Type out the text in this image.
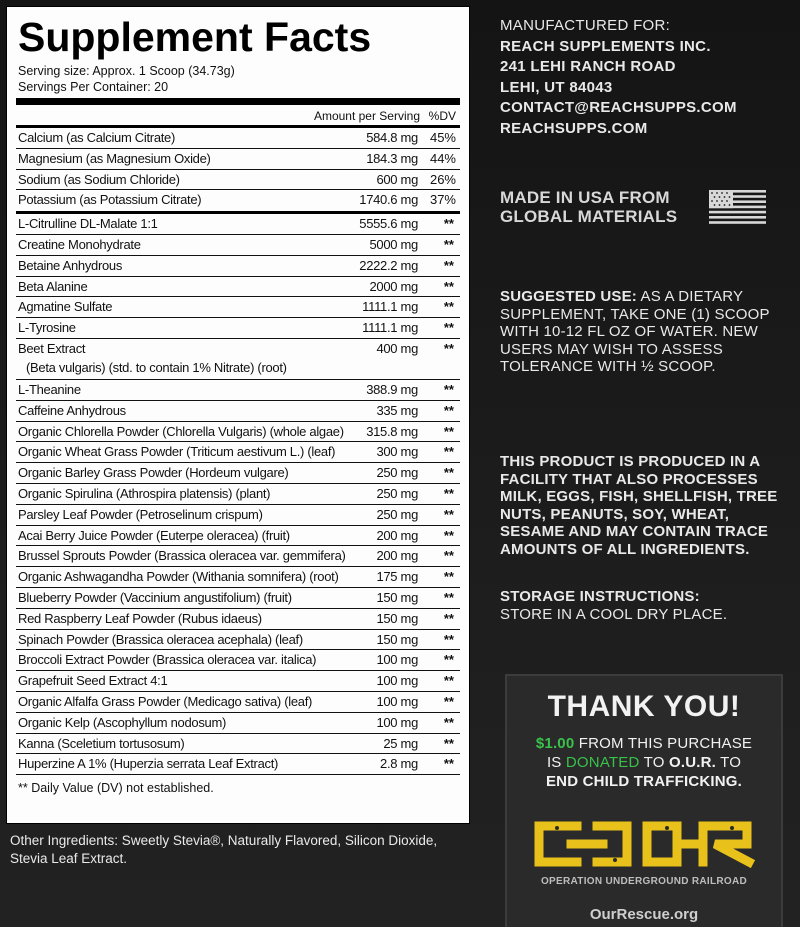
Supplement Facts
Serving size: Approx. 1 Scoop (34.73g)
Servings Per Container: 20
Amount per Serving %DV
Calcium (as Calcium Citrate)	584.8 mg 45%
Magnesium (as Magnesium Oxide)	184.3 mg 44%
Sodium (as Sodium Chloride)	600 mg 26%
Potassium (as Potassium Citrate)	1740.6 mg 37%
L-Citrulline DL-Malate 1:1	5555.6 mg **
Creatine Monohydrate	5000 mg **
Betaine Anhydrous	2222.2 mg **
Beta Alanine	2000 mg **
Agmatine Sulfate	1111.1 mg **
L-Tyrosine	1111.1 mg **
Beet Extract
(Beta vulgaris) (std. to contain 1% Nitrate) (root)
400 mg **
L-Theanine	388.9 mg **
Caffeine Anhydrous	335 mg **
Organic Chlorella Powder (Chlorella Vulgaris) (whole algae) 315.8 mg **
Organic Wheat Grass Powder (Triticum aestivum L.) (leaf)	300 mg **
Organic Barley Grass Powder (Hordeum vulgare)	250 mg **
Organic Spirulina (Athrospira platensis) (plant)	250 mg **
Parsley Leaf Powder (Petroselinum crispum)	250 mg **
Acai Berry Juice Powder (Euterpe oleracea) (fruit)	200 mg **
Brussel Sprouts Powder (Brassica oleracea var. gemmifera) 200 mg **
Organic Ashwagandha Powder (Withania somnifera) (root)	175 mg **
Blueberry Powder (Vaccinium angustifolium) (fruit)	150 mg **
Red Raspberry Leaf Powder (Rubus idaeus)	150 mg **
Spinach Powder (Brassica oleracea acephala) (leaf)	150 mg **
Broccoli Extract Powder (Brassica oleracea var. italica)	100 mg **
Grapefruit Seed Extract 4:1	100 mg **
Organic Alfalfa Grass Powder (Medicago sativa) (leaf)	100 mg **
Organic Kelp (Ascophyllum nodosum)	100 mg **
Kanna (Sceletium tortusosum)	25 mg **
Huperzine A 1% (Huperzia serrata Leaf Extract)	2.8 mg **
** Daily Value (DV) not established.
Other Ingredients: Sweetly Stevia®, Naturally Flavored, Silicon Dioxide, Stevia Leaf Extract.
MANUFACTURED FOR:
REACH SUPPLEMENTS INC.
241 LEHI RANCH ROAD
LEHI, UT 84043
CONTACT@REACHSUPPS.COM
REACHSUPPS.COM
MADE IN USA FROM
GLOBAL MATERIALS
SUGGESTED USE: AS A DIETARY SUPPLEMENT, TAKE ONE (1) SCOOP WITH 10-12 FL OZ OF WATER. NEW USERS MAY WISH TO ASSESS TOLERANCE WITH ½ SCOOP.
THIS PRODUCT IS PRODUCED IN A FACILITY THAT ALSO PROCESSES MILK, EGGS, FISH, SHELLFISH, TREE NUTS, PEANUTS, SOY, WHEAT, SESAME AND MAY CONTAIN TRACE AMOUNTS OF ALL INGREDIENTS.
STORAGE INSTRUCTIONS:
STORE IN A COOL DRY PLACE.
THANK YOU!
$1.00 FROM THIS PURCHASE
IS DONATED TO O.U.R. TO
END CHILD TRAFFICKING.
OPERATION UNDERGROUND RAILROAD
OurRescue.org
